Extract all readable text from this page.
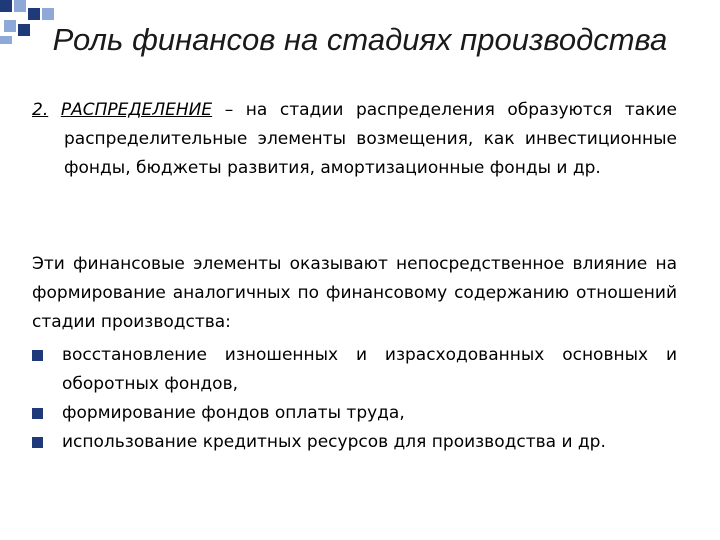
Роль финансов на стадиях производства
2. РАСПРЕДЕЛЕНИЕ – на стадии распределения образуются такие распределительные элементы возмещения, как инвестиционные фонды, бюджеты развития, амортизационные фонды и др.
Эти финансовые элементы оказывают непосредственное влияние на формирование аналогичных по финансовому содержанию отношений стадии производства:
восстановление изношенных и израсходованных основных и оборотных фондов,
формирование фондов оплаты труда,
использование кредитных ресурсов для производства и др.
